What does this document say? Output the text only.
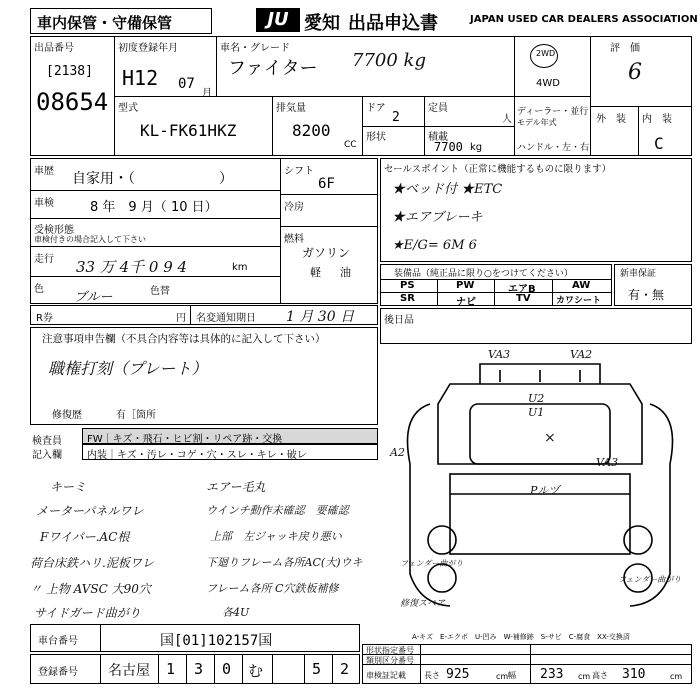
車内保管・守備保管	JU 愛知 出品申込書	JAPAN USED CAR DEALERS ASSOCIATION
出品番号
[2138]
08654
初度登録年月
H12 07
月
車名・グレード
ファイター 7700 kg	2WD
4WD
評　価
6
型式
KL-FK61HKZ
排気量
8200
CC
ドア
2
定員
人
形状	積載
7700 kg
ディーラー・並行
モデル年式
ハンドル・左・右
外　装 内　装
C
車歴 自家用・（　　　　　　）
車検	8 年　9 月（ 10 日）
受検形態
車検付きの場合記入して下さい
走行 33 万 4千 0 9 4	km
色
ブルー	色替
シフト
6F
冷房
燃料
ガソリン
軽 油
R券	円 名変通知期日 1 月 30 日
セールスポイント（正常に機能するものに限ります）
★ベッド付 ★ETC
★エアブレーキ
★E/G= 6M 6
装備品（純正品に限り○をつけてください）
PS	PW	エアB	AW
SR	ナビ	TV	カワシート
新車保証
有・無
後日品
注意事項申告欄（不具合内容等は具体的に記入して下さい）
職権打刻（プレート）
修復歴	有［箇所
検査員
記入欄
FW｜キズ・飛石・ヒビ割・リペア跡・交換
内装｜キズ・汚レ・コゲ・穴・スレ・キレ・破レ
キーミ
メーターパネルワレ
Fワイパー.AC根
荷台床鉄ハリ.泥板ワレ
〃 上物 AVSC 大90穴
サイドガード曲がり
エアー毛丸
ウインチ動作未確認　要確認
上部　左ジャッキ戻り悪い
下廻りフレーム各所AC(大)ウキ
フレーム各所 C穴鉄板補修
各4U
VA3	VA2
U2
U1
×
A2
VA3
Pルヅ
フェンダー曲がり
修復スペア
フェンダー曲がり
A-キズ　E-エクボ　U-凹み　W-補修跡　S-サビ　C-腐食　XX-交換済
車台番号	国[01]102157国
登録番号 名古屋 1 3 0 む	5 2
形状指定番号
類別区分番号
車検証記載 長さ 925	cm 幅 233 cm 高さ 310	cm
